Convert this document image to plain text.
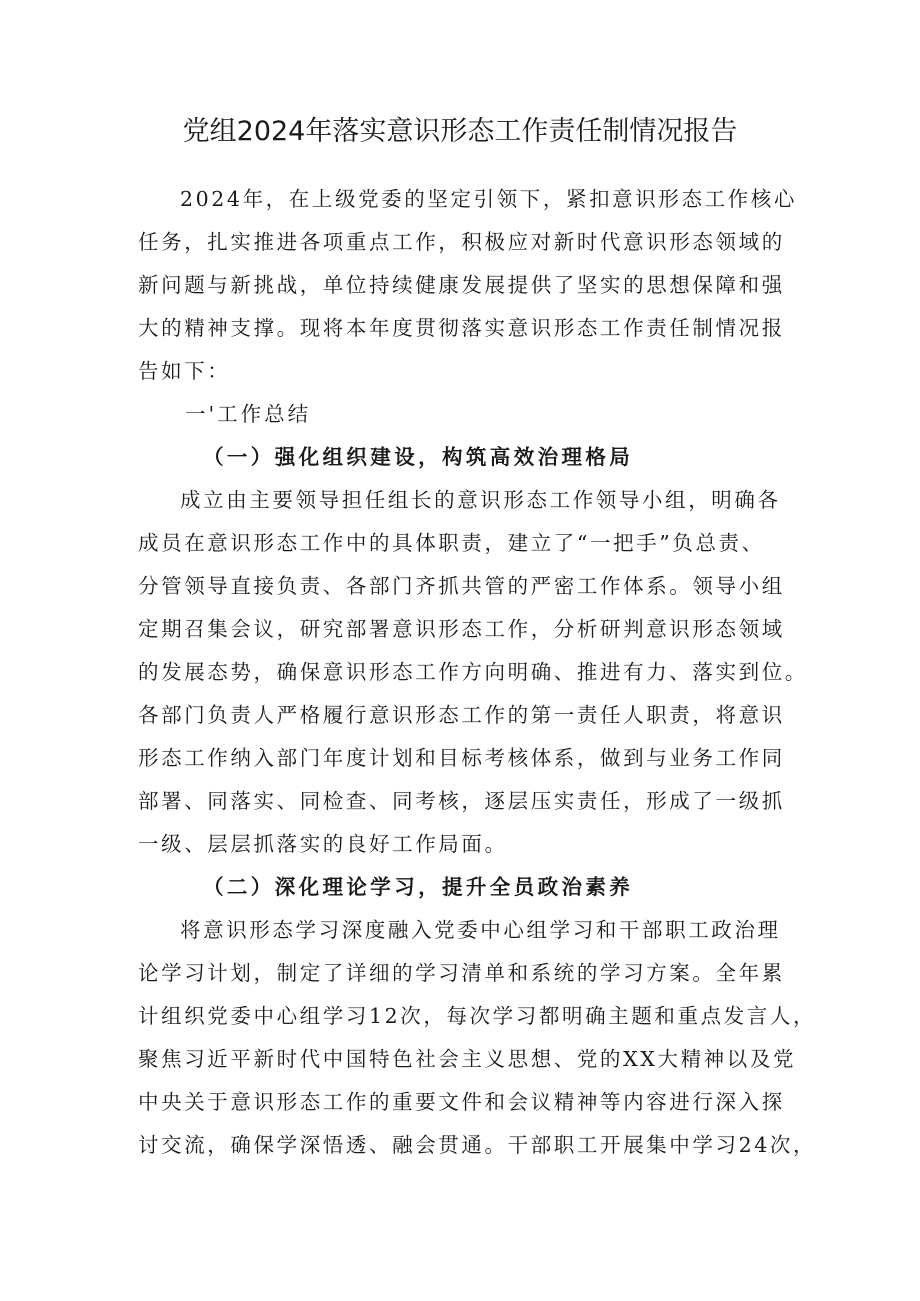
党组2024年落实意识形态工作责任制情况报告

2024年，在上级党委的坚定引领下，紧扣意识形态工作核心

任务，扎实推进各项重点工作，积极应对新时代意识形态领域的

新问题与新挑战，单位持续健康发展提供了坚实的思想保障和强

大的精神支撑。现将本年度贯彻落实意识形态工作责任制情况报

告如下：

一'工作总结

（一）强化组织建设，构筑高效治理格局

成立由主要领导担任组长的意识形态工作领导小组，明确各

成员在意识形态工作中的具体职责，建立了“一把手”负总责、

分管领导直接负责、各部门齐抓共管的严密工作体系。领导小组

定期召集会议，研究部署意识形态工作，分析研判意识形态领域

的发展态势，确保意识形态工作方向明确、推进有力、落实到位。

各部门负责人严格履行意识形态工作的第一责任人职责，将意识

形态工作纳入部门年度计划和目标考核体系，做到与业务工作同

部署、同落实、同检查、同考核，逐层压实责任，形成了一级抓

一级、层层抓落实的良好工作局面。

（二）深化理论学习，提升全员政治素养

将意识形态学习深度融入党委中心组学习和干部职工政治理

论学习计划，制定了详细的学习清单和系统的学习方案。全年累

计组织党委中心组学习12次，每次学习都明确主题和重点发言人，

聚焦习近平新时代中国特色社会主义思想、党的XX大精神以及党

中央关于意识形态工作的重要文件和会议精神等内容进行深入探

讨交流，确保学深悟透、融会贯通。干部职工开展集中学习24次，
